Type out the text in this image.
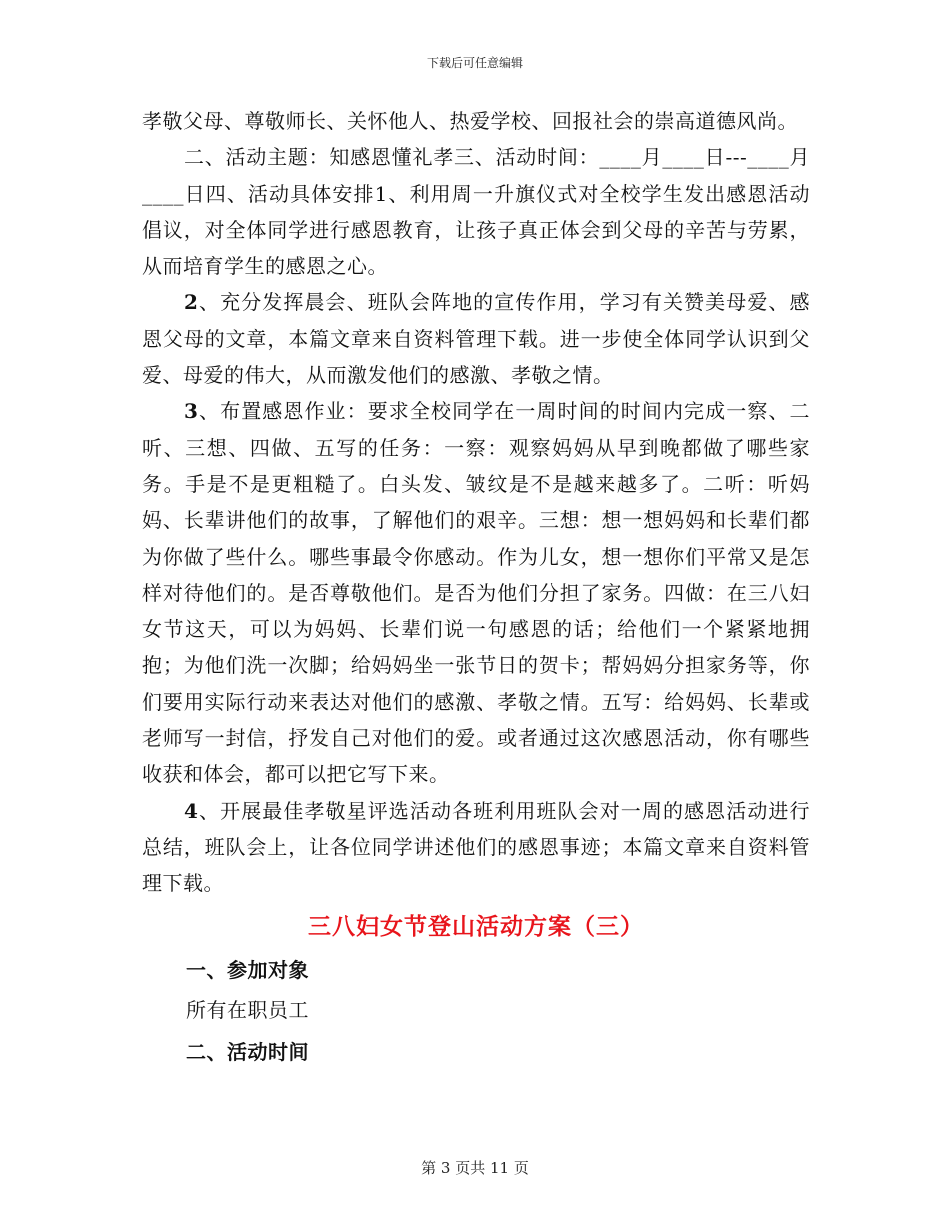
下载后可任意编辑

孝敬父母、尊敬师长、关怀他人、热爱学校、回报社会的崇高道德风尚。

二、活动主题：知感恩懂礼孝三、活动时间：____月____日---____月____日四、活动具体安排1、利用周一升旗仪式对全校学生发出感恩活动倡议，对全体同学进行感恩教育，让孩子真正体会到父母的辛苦与劳累，从而培育学生的感恩之心。

2、充分发挥晨会、班队会阵地的宣传作用，学习有关赞美母爱、感恩父母的文章，本篇文章来自资料管理下载。进一步使全体同学认识到父爱、母爱的伟大，从而激发他们的感激、孝敬之情。

3、布置感恩作业：要求全校同学在一周时间的时间内完成一察、二听、三想、四做、五写的任务：一察：观察妈妈从早到晚都做了哪些家务。手是不是更粗糙了。白头发、皱纹是不是越来越多了。二听：听妈妈、长辈讲他们的故事，了解他们的艰辛。三想：想一想妈妈和长辈们都为你做了些什么。哪些事最令你感动。作为儿女，想一想你们平常又是怎样对待他们的。是否尊敬他们。是否为他们分担了家务。四做：在三八妇女节这天，可以为妈妈、长辈们说一句感恩的话；给他们一个紧紧地拥抱；为他们洗一次脚；给妈妈坐一张节日的贺卡；帮妈妈分担家务等，你们要用实际行动来表达对他们的感激、孝敬之情。五写：给妈妈、长辈或老师写一封信，抒发自己对他们的爱。或者通过这次感恩活动，你有哪些收获和体会，都可以把它写下来。

4、开展最佳孝敬星评选活动各班利用班队会对一周的感恩活动进行总结，班队会上，让各位同学讲述他们的感恩事迹；本篇文章来自资料管理下载。

三八妇女节登山活动方案（三）

一、参加对象

所有在职员工

二、活动时间

第 3 页共 11 页
